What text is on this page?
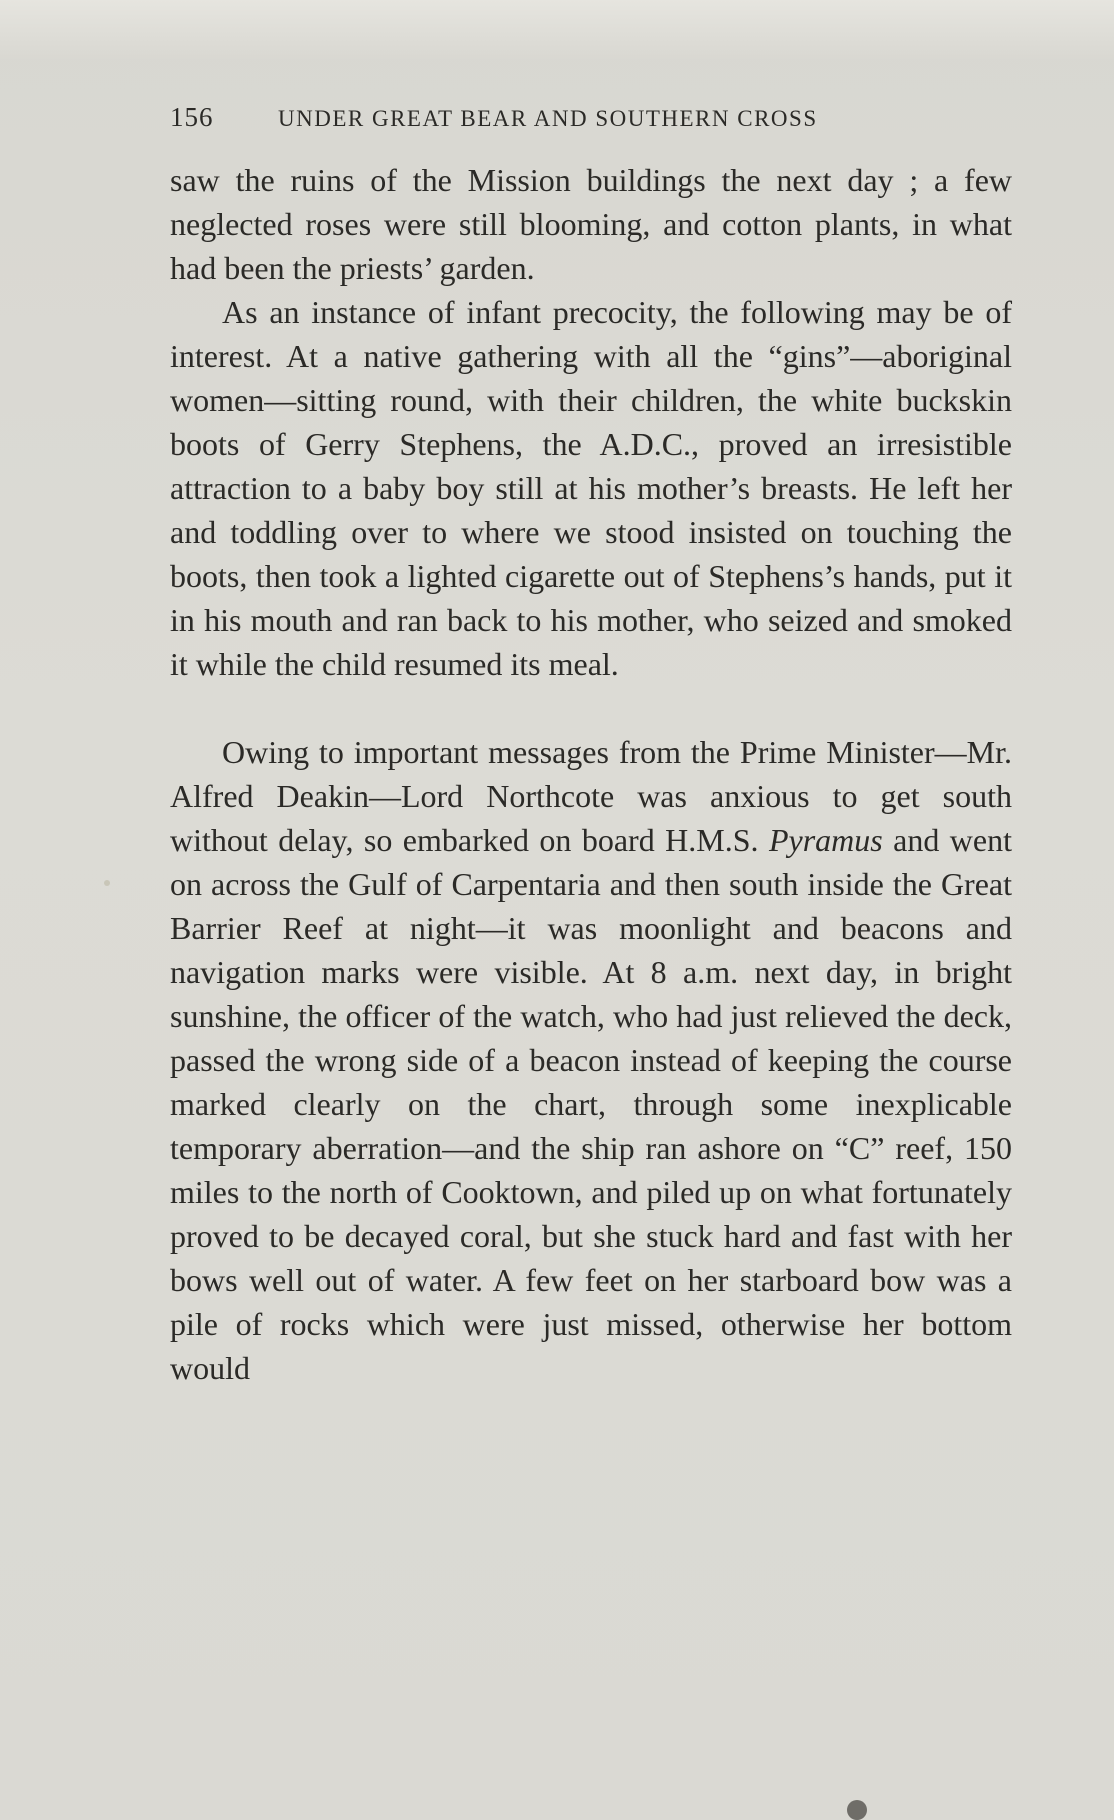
156	UNDER GREAT BEAR AND SOUTHERN CROSS

saw the ruins of the Mission buildings the next day ; a few neglected roses were still blooming, and cotton plants, in what had been the priests’ garden.

As an instance of infant precocity, the following may be of interest. At a native gathering with all the “gins”—aboriginal women—sitting round, with their children, the white buckskin boots of Gerry Stephens, the A.D.C., proved an irresistible attraction to a baby boy still at his mother’s breasts. He left her and toddling over to where we stood insisted on touching the boots, then took a lighted cigarette out of Stephens’s hands, put it in his mouth and ran back to his mother, who seized and smoked it while the child resumed its meal.

Owing to important messages from the Prime Minister—Mr. Alfred Deakin—Lord Northcote was anxious to get south without delay, so embarked on board H.M.S. Pyramus and went on across the Gulf of Carpentaria and then south inside the Great Barrier Reef at night—it was moonlight and beacons and navigation marks were visible. At 8 a.m. next day, in bright sunshine, the officer of the watch, who had just relieved the deck, passed the wrong side of a beacon instead of keeping the course marked clearly on the chart, through some inexplicable temporary aberration—and the ship ran ashore on “C” reef, 150 miles to the north of Cooktown, and piled up on what fortunately proved to be decayed coral, but she stuck hard and fast with her bows well out of water. A few feet on her starboard bow was a pile of rocks which were just missed, otherwise her bottom would
